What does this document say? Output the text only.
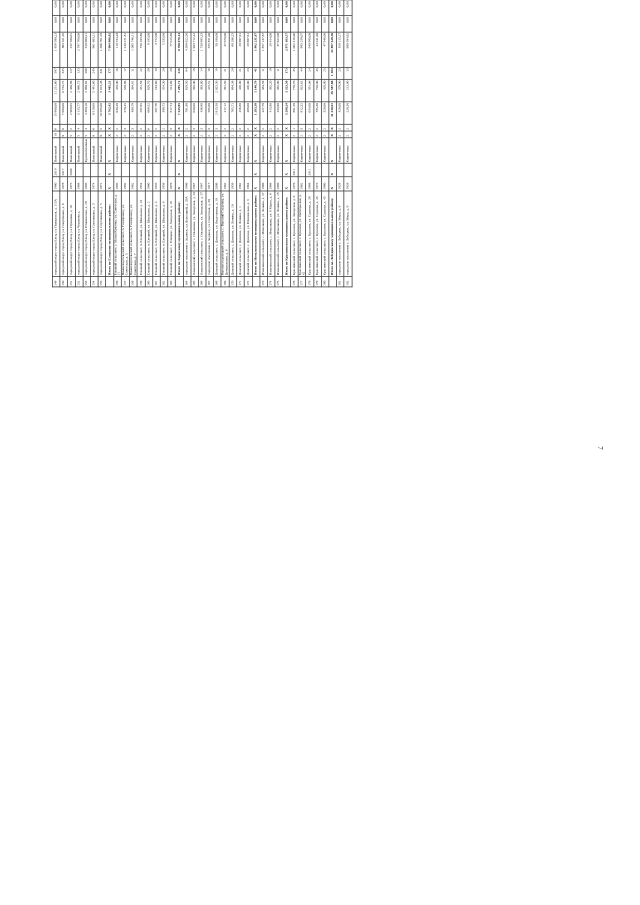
149	городской округ город Елец, ул. Пожарская, д. 115А	1980	2019	Панельный	10	6	15 880,00	11 251,60	597	1 859 590,23	0,00	0,00					
150	городской округ город Елец, ул. Спортивная, д. 6	1978	2017	Панельный	9	6	7 080,00	6 733,72	335	803 011,26	0,00	0,00					
151	городской округ город Елец, ул. Пушкина, д. 10	1975	2009	Панельный	5	2	2 968,95	2 469,96	127	252 580,01	0,00	0,00					
152	городской округ город Елец, ул. Черокова д.	1968		Панельный	5	4	3 155,77	2 086,73	133	2 787 760,00	0,00	0,00					
153	городской округ город Елец, ул. Юношеская, д. 28	1985		Крупноблочные	5	4	4 360,10	2 969,82	206	520 900,21	0,00	0,00					
154	городской округ город Елец, ул. Спутникова, д. 3	1974		Панельный	9	6	8 519,60	5 491,60	248	961 603,21	0,00	0,00					
155	городской округ город Елец, ул. Спутникова, д. 5	1971		Панельный	9	5	10 585,00	9 913,48	331	1 306 761,28	0,00	0,00					
	Итого по Елецкому муниципальному району:	X	X	X	X	X	3 762,42	3 485,21	177	7 094 986,02	0,00	0,00					
156	Елецкий сельсовет, с. Малая Каменка, ул. Советская, д. 11	1985		Кирпичные	2	2	630,48	458,00	16	119 734,48	0,00	0,00					
157	Нижневоргольский сельсовет, п. Газопровод, ул. Советская, д. 5	1982		Кирпичные	2	3	570,45	538,80	17	1 249 271,81	0,00	0,00					
158	Нижневоргольский сельсовет, п. Газопровод, ул. Советская, д. 7	1962		Кирпичные	2	3	409,78	364,81	11	1 085 746,11	0,00	0,00					
159	Елецкий сельсовет, п. Елецкий, ул. Школьная, д. 10	1954		Кирпичные	2	2	297,85	351,59	22	750 105,80	0,00	0,00					
160	Елецкий сельсовет, п. Елецкий, ул. Школьная, д. 2	1960		Кирпичные	2	6	669,52	628,70	39	9 185,00	0,00	0,00					
161	Елецкий сельсовет, п. Елецкий, ул. Школьная, д. 4	1955		Кирпичные	2	2	267,76	243,60	19	3 772,00	0,00	0,00					
162	Елецкий сельсовет, п. Елецкий, ул. Школьная, д. 6	1956		Кирпичные	2	2	389,73	354,30	28	5 533,00	0,00	0,00					
163	Елецкий сельсовет, с. Елецкое, ул. Заводская, д. 16	1976		Кирпичные	2	3	817,74	314,09	29	77 015,69	0,00	0,00					
	Итого по Задонскому муниципальному району:	X	X	X	X	X	7 245,95	7 295,71	216	8 790 976,14	0,00	0,00					
164	городское поселение г. Задонск, ул. Бурсацкой, д. 33А	1986		Кирпичные	2	2	701,80	628,50	94	4 388 622,56	0,00	0,00					
165	Ольшанский сельсовет, с. Ольшанка, ул. Заводская, д. 33	1967		Кирпичные	2	3	630,00	395,00	18	1 903 712,42	0,00	0,00					
166	Ольшанский сельсовет, с. Ольшанка, ул. Заводская, д. 57	1967		Кирпичные	2	3	436,90	393,00	14	1 730 995,33	0,00	0,00					
167	городское поселение г. Задонск, ул. Советская, д. 30	1917		Кирпичные	2	3	595,00	415,51	16	355 851,00	0,00	0,00					
168	Донской сельсовет, с. Донское, ул. Яндуганова, д. 10	2009		Кирпичные	2	3	2 815,50	2 025,50	18	50 180,00	0,00	0,00					
169	Верхнестуденецкий сельсовет, с. Верхний Студенец, ул. Центральная, д. 6	1962		Кирпичные	2	2	417,12	391,50	21	37 070,00	0,00	0,00					
170	Донской сельсовет, с. Донское, ул. Ленина, д. 10	1959		Кирпичные	2	2	765,71	694,36	28	68 296,25	0,00	0,00					
171	Донской сельсовет, с. Донское, ул. Ленина, д. 1	1962		Кирпичные	2	2	456,80	426,00	21	29 697,61	0,00	0,00					
172	Донской сельсовет, с. Донское, ул. Юношеская, д. 3	1964		Кирпичные	2	2	468,00	426,00	23	29 687,61	0,00	0,00					
	Итого по Измалковскому муниципальному району:	X	X	X	X	X	1 283,39	1 148,79	41	1 962 231,87	0,00	0,00					
173	Измалковский сельсовет, с. Измалково, ул. Ленина, д. 27	1966		Кирпичные	2	2	427,79	384,59	11	1 857 137,87	0,00	0,00					
174	Измалковский сельсовет, с. Измалково, ул. 8 Марта, д. 6	1966		Кирпичные	2	2	415,80	392,20	19	29 454,00	0,00	0,00					
175	Измалковский сельсовет, с. Измалково, ул. Ленина, д. 18	1966		Кирпичные	2	2	433,80	382,00	11	37 622,00	0,00	0,00					
	Итого по Краснинскому муниципальному району:	X	X	X	X	X	3 298,24	3 323,50	173	2 971 103,57	0,00	0,00					
176	Краснинский сельсовет, с. Красное, ул. Заводская, д. 9	1976	2011	Кирпичные	2	1	881,58	770,70	35	1 062 416,66	0,00	0,00					
177	Краснинский сельсовет, с. Красное, ул. Октябрьская, д. 42	1962		Кирпичные	2	3	812,32	823,62	44	993 259,07	0,00	0,00					
178	Краснинский сельсовет, с. Красное, ул. Садовая, д. 38	1968	2011	Кирпичные	2	2	634,00	591,06	24	640 980,00	0,00	0,00					
179	Краснинский сельсовет, с. Красное, ул. Садовая, д. 45	1973		Кирпичные	2	2	785,30	720,00	45	44 341,00	0,00	0,00					
180	Краснинский сельсовет, с. Красное, ул. Садовая, д. 45	1960		Кирпичные	2	2	320,00	420,80	25	47 946,00	0,00	0,00					
	Итого по Лебедянскому муниципальному району:	X	X	X	X	X	41 230,61	36 587,00	1 384	21 897 428,30	0,00	0,00					
181	городское поселение г. Лебедянь, ул. Мира, д. 6	1928		Кирпичные	2	2	420,00	378,00	23	818 115,17	0,00	0,00					
182	городское поселение г. Лебедянь, ул. Мира, д. 9	1928		Кирпичные	2	2	228,38	213,80	13	609 594,62	0,00	0,00					
7
